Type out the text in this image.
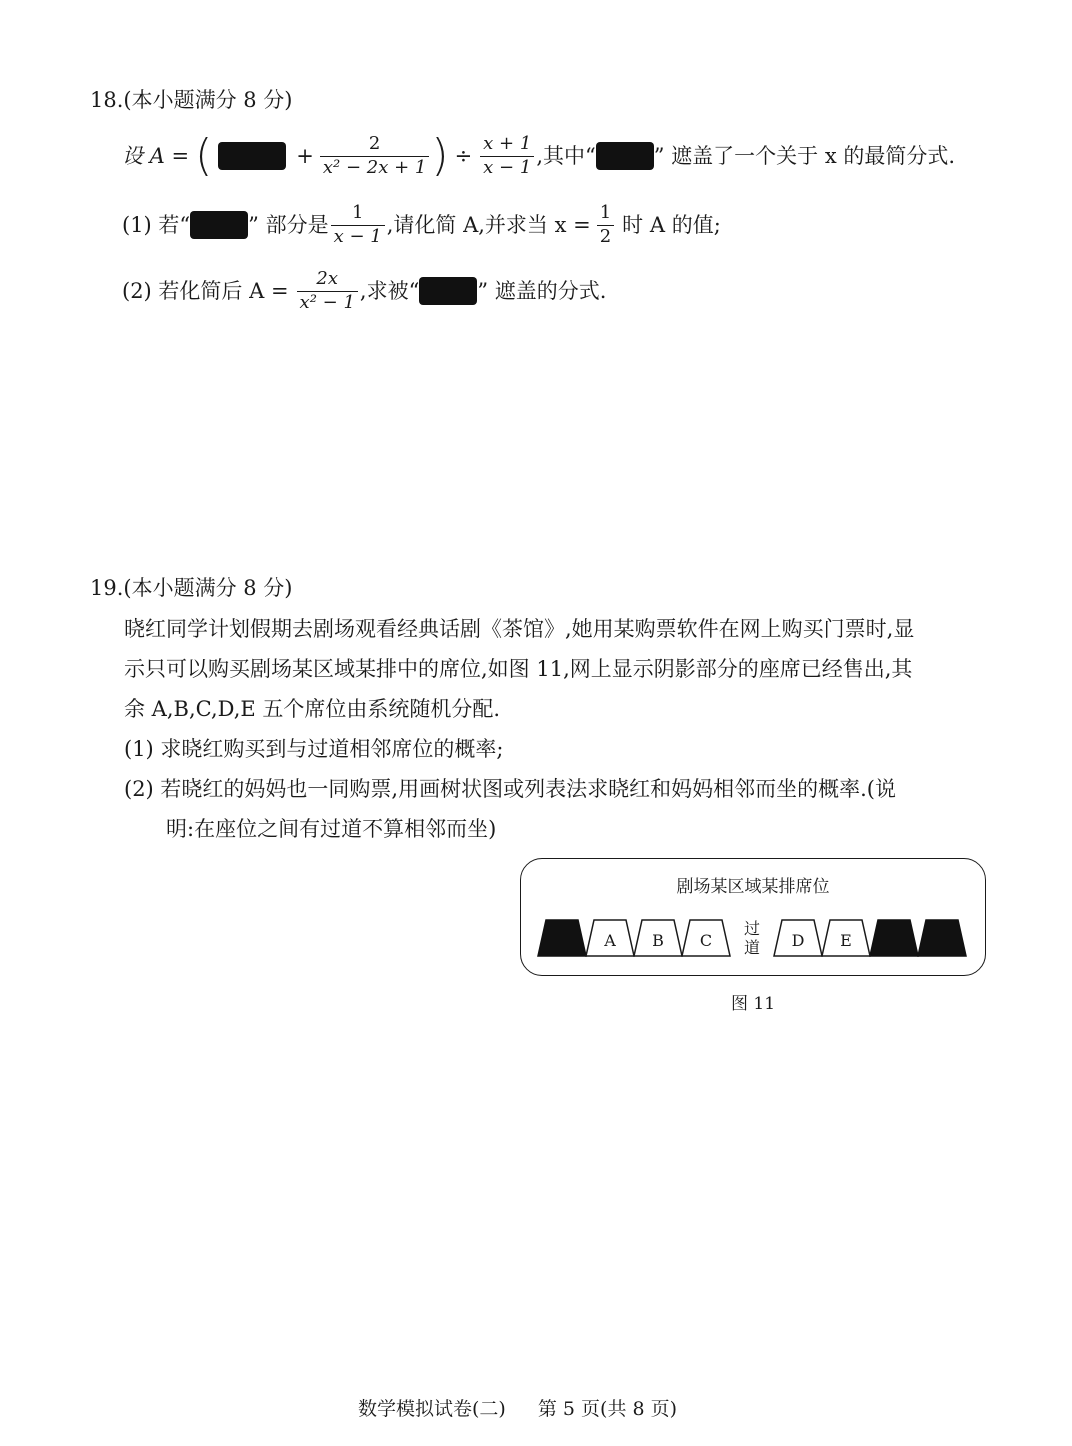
18.(本小题满分 8 分)
设 A = (	+ $\frac{2}{\text{x² − 2x + 1}}$ ) ÷ $\frac{x + 1}{x - 1}$ ,其中“	” 遮盖了一个关于 x 的最简分式.
(1) 若“	” 部分是 $\frac{1}{x - 1}$ ,请化简 A,并求当 $x = \frac{1}{2}$ 时 A 的值;
(2) 若化简后 $A = \frac{2x}{\text{x² − 1}}$ ,求被“	” 遮盖的分式.
19.(本小题满分 8 分)
晓红同学计划假期去剧场观看经典话剧《茶馆》,她用某购票软件在网上购买门票时,显
示只可以购买剧场某区域某排中的席位,如图 11,网上显示阴影部分的座席已经售出,其
余 A,B,C,D,E 五个席位由系统随机分配.
(1) 求晓红购买到与过道相邻席位的概率;
(2) 若晓红的妈妈也一同购票,用画树状图或列表法求晓红和妈妈相邻而坐的概率.(说
明:在座位之间有过道不算相邻而坐)
剧场某区域某排席位
A B C	D E
过
道
图 11
数学模拟试卷(二) 第 5 页(共 8 页)
